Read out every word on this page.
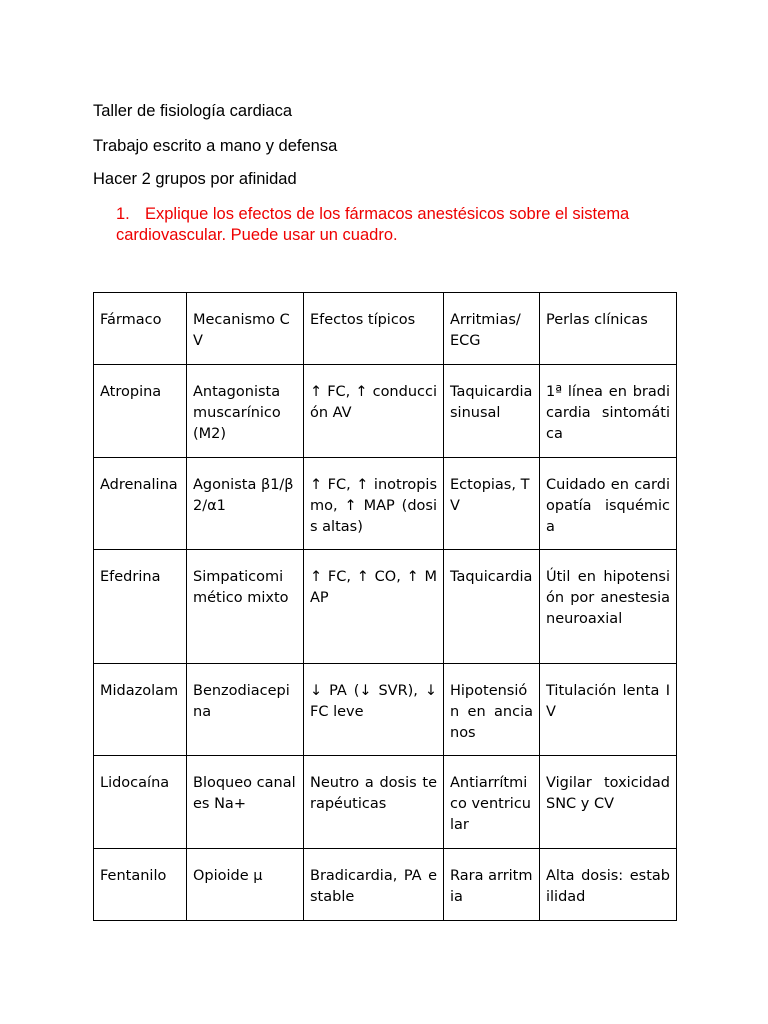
Taller de fisiología cardiaca
Trabajo escrito a mano y defensa
Hacer 2 grupos por afinidad
1. Explique los efectos de los fármacos anestésicos sobre el sistema cardiovascular. Puede usar un cuadro.
Fármaco	Mecanismo CV	Efectos típicos	Arritmias/ ECG	Perlas clínicas
Atropina	Antagonista muscarínico (M2)	↑ FC, ↑ conducción AV	Taquicardia sinusal	1ª línea en bradicardia sintomática
Adrenalina	Agonista β1/β2/α1	↑ FC, ↑ inotropismo, ↑ MAP (dosis altas)	Ectopias, TV	Cuidado en cardiopatía isquémica
Efedrina	Simpaticomimético mixto	↑ FC, ↑ CO, ↑ MAP	Taquicardia	Útil en hipotensión por anestesia neuroaxial
Midazolam	Benzodiacepina	↓ PA (↓ SVR), ↓ FC leve	Hipotensión en ancianos	Titulación lenta IV
Lidocaína	Bloqueo canales Na+	Neutro a dosis terapéuticas	Antiarrítmico ventricular	Vigilar toxicidad SNC y CV
Fentanilo	Opioide µ	Bradicardia, PA estable	Rara arritmia	Alta dosis: estabilidad
